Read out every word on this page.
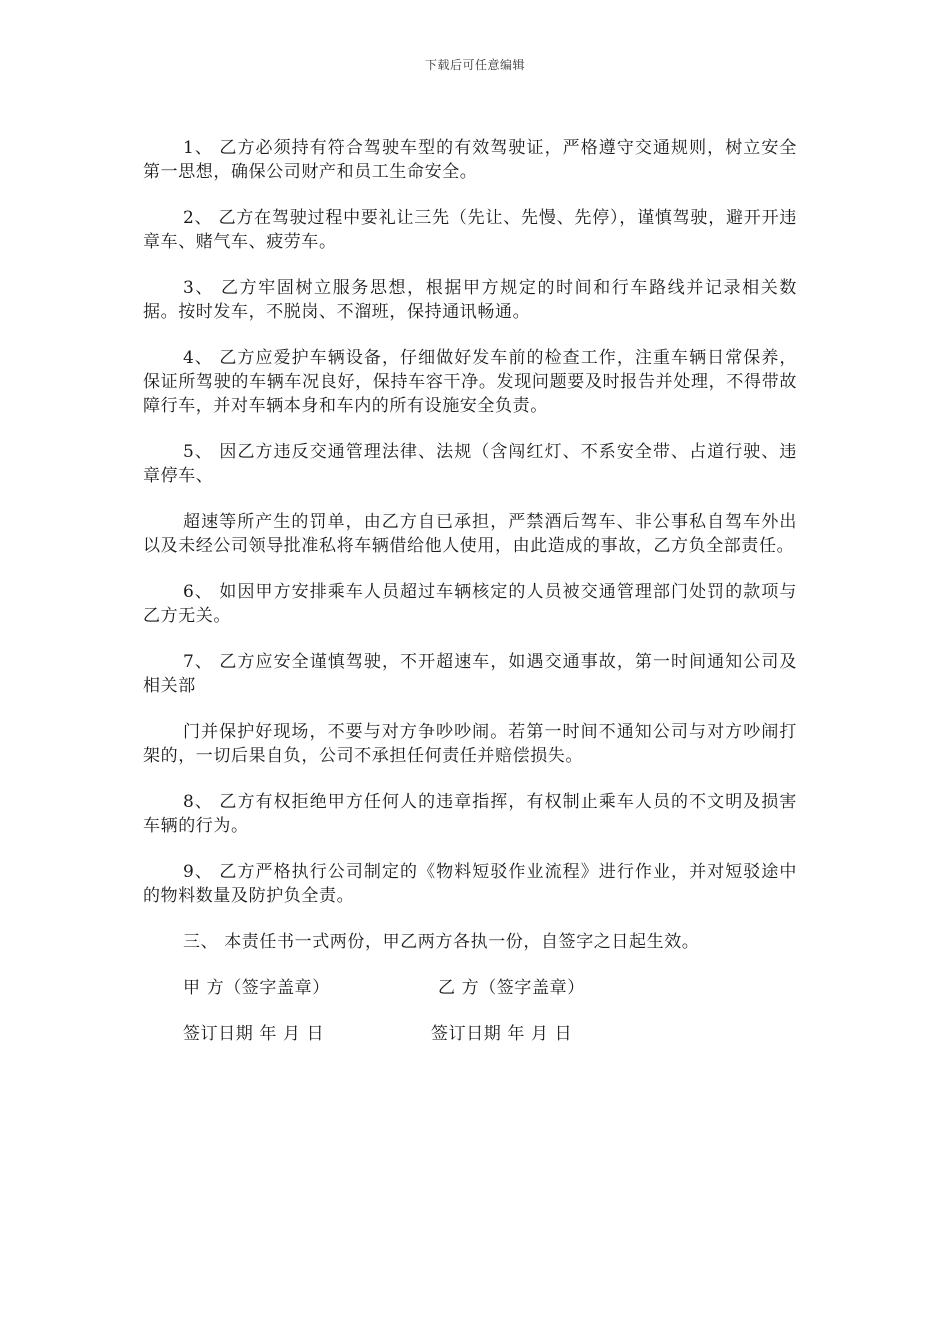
下载后可任意编辑

1、 乙方必须持有符合驾驶车型的有效驾驶证，严格遵守交通规则，树立安全第一思想，确保公司财产和员工生命安全。

2、 乙方在驾驶过程中要礼让三先（先让、先慢、先停），谨慎驾驶，避开开违章车、赌气车、疲劳车。

3、 乙方牢固树立服务思想，根据甲方规定的时间和行车路线并记录相关数据。按时发车，不脱岗、不溜班，保持通讯畅通。

4、 乙方应爱护车辆设备，仔细做好发车前的检查工作，注重车辆日常保养，保证所驾驶的车辆车况良好，保持车容干净。发现问题要及时报告并处理，不得带故障行车，并对车辆本身和车内的所有设施安全负责。

5、 因乙方违反交通管理法律、法规（含闯红灯、不系安全带、占道行驶、违章停车、

超速等所产生的罚单，由乙方自已承担，严禁酒后驾车、非公事私自驾车外出以及未经公司领导批准私将车辆借给他人使用，由此造成的事故，乙方负全部责任。

6、 如因甲方安排乘车人员超过车辆核定的人员被交通管理部门处罚的款项与乙方无关。

7、 乙方应安全谨慎驾驶，不开超速车，如遇交通事故，第一时间通知公司及相关部

门并保护好现场，不要与对方争吵吵闹。若第一时间不通知公司与对方吵闹打架的，一切后果自负，公司不承担任何责任并赔偿损失。

8、 乙方有权拒绝甲方任何人的违章指挥，有权制止乘车人员的不文明及损害车辆的行为。

9、 乙方严格执行公司制定的《物料短驳作业流程》进行作业，并对短驳途中的物料数量及防护负全责。

三、 本责任书一式两份，甲乙两方各执一份，自签字之日起生效。

甲 方（签字盖章）	乙 方（签字盖章）
签订日期 年 月 日	签订日期 年 月 日
